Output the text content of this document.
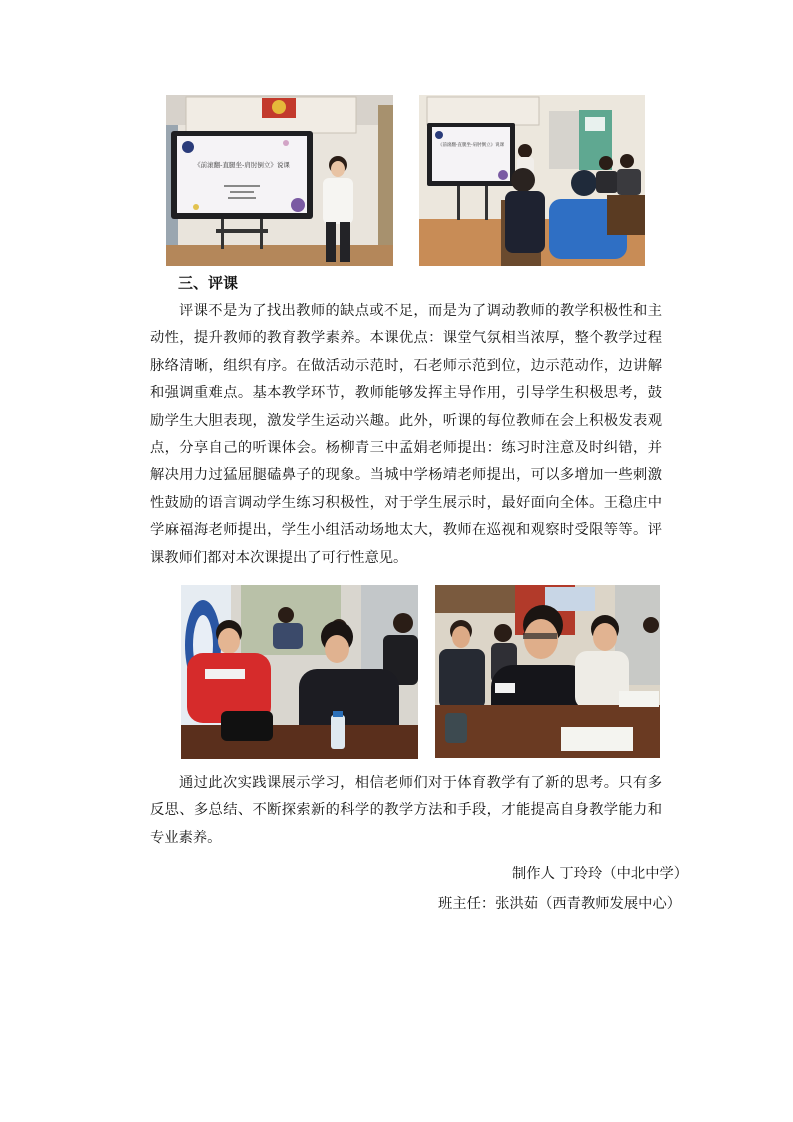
《前滚翻-直腿坐-肩肘倒立》说课
《前滚翻-直腿坐-肩肘倒立》说课
三、评课

评课不是为了找出教师的缺点或不足，而是为了调动教师的教学积极性和主动性，提升教师的教育教学素养。本课优点：课堂气氛相当浓厚，整个教学过程脉络清晰，组织有序。在做活动示范时，石老师示范到位，边示范动作，边讲解和强调重难点。基本教学环节，教师能够发挥主导作用，引导学生积极思考，鼓励学生大胆表现，激发学生运动兴趣。此外，听课的每位教师在会上积极发表观点，分享自己的听课体会。杨柳青三中孟娟老师提出：练习时注意及时纠错，并解决用力过猛屈腿磕鼻子的现象。当城中学杨靖老师提出，可以多增加一些刺激性鼓励的语言调动学生练习积极性，对于学生展示时，最好面向全体。王稳庄中学麻福海老师提出，学生小组活动场地太大，教师在巡视和观察时受限等等。评课教师们都对本次课提出了可行性意见。

通过此次实践课展示学习，相信老师们对于体育教学有了新的思考。只有多反思、多总结、不断探索新的科学的教学方法和手段，才能提高自身教学能力和专业素养。

制作人 丁玲玲（中北中学）
班主任：张洪茹（西青教师发展中心）
